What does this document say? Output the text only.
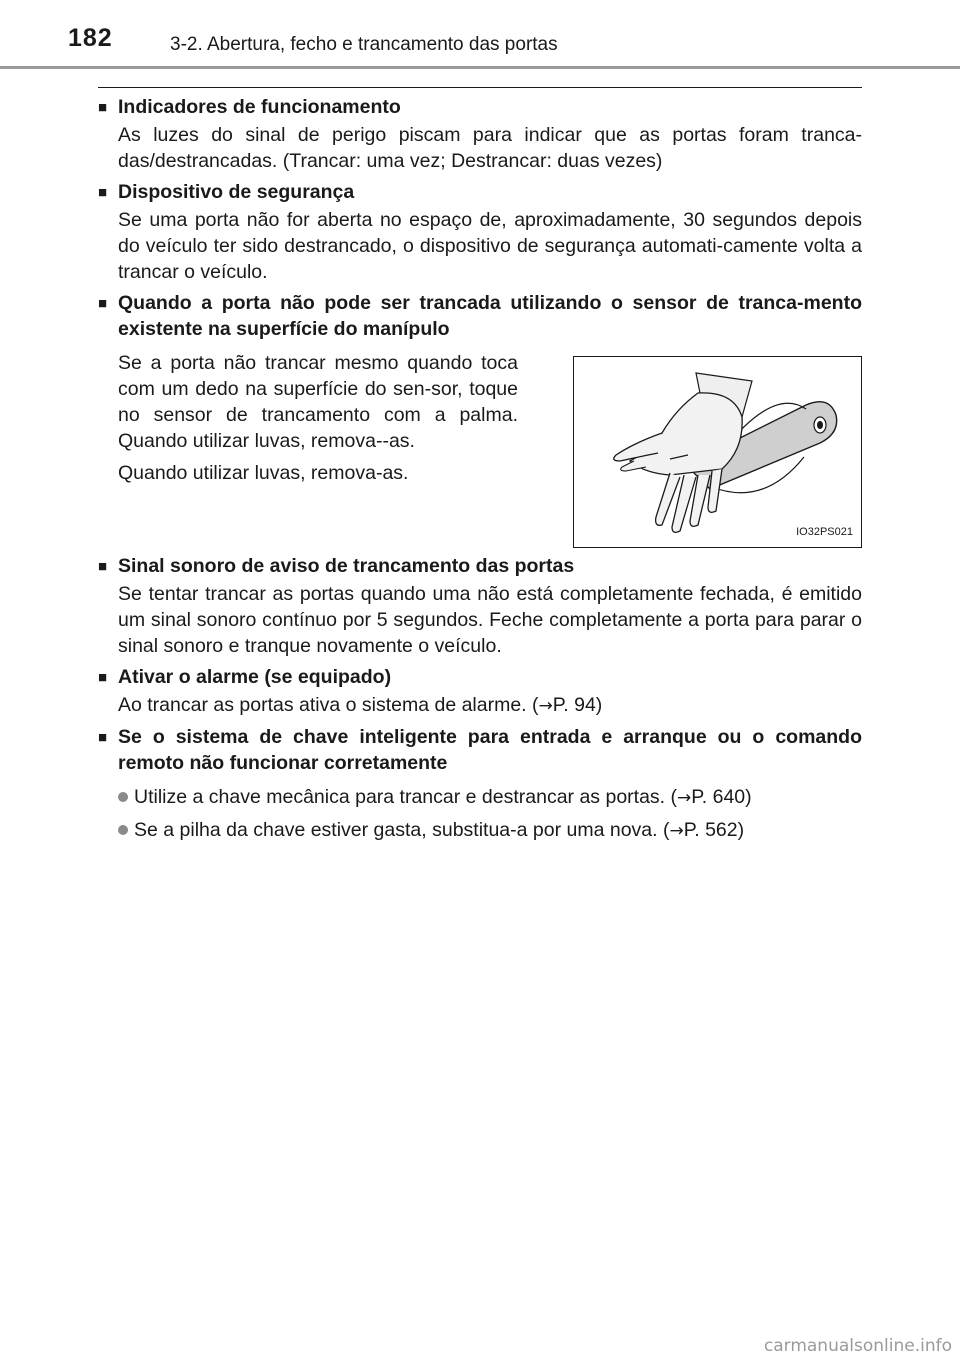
182	3-2. Abertura, fecho e trancamento das portas
■
Indicadores de funcionamento

As luzes do sinal de perigo piscam para indicar que as portas foram tranca-das/destrancadas. (Trancar: uma vez; Destrancar: duas vezes)

■
Dispositivo de segurança

Se uma porta não for aberta no espaço de, aproximadamente, 30 segundos depois do veículo ter sido destrancado, o dispositivo de segurança automati-camente volta a trancar o veículo.

■
Quando a porta não pode ser trancada utilizando o sensor de tranca-mento existente na superfície do manípulo

Se a porta não trancar mesmo quando toca com um dedo na superfície do sen-sor, toque no sensor de trancamento com a palma. Quando utilizar luvas, remova--as.

Quando utilizar luvas, remova-as.

IO32PS021
■
Sinal sonoro de aviso de trancamento das portas

Se tentar trancar as portas quando uma não está completamente fechada, é emitido um sinal sonoro contínuo por 5 segundos. Feche completamente a porta para parar o sinal sonoro e tranque novamente o veículo.

■
Ativar o alarme (se equipado)

Ao trancar as portas ativa o sistema de alarme. (→P. 94)

■
Se o sistema de chave inteligente para entrada e arranque ou o comando remoto não funcionar corretamente
Utilize a chave mecânica para trancar e destrancar as portas. (→P. 640)
Se a pilha da chave estiver gasta, substitua-a por uma nova. (→P. 562)
carmanualsonline.info
